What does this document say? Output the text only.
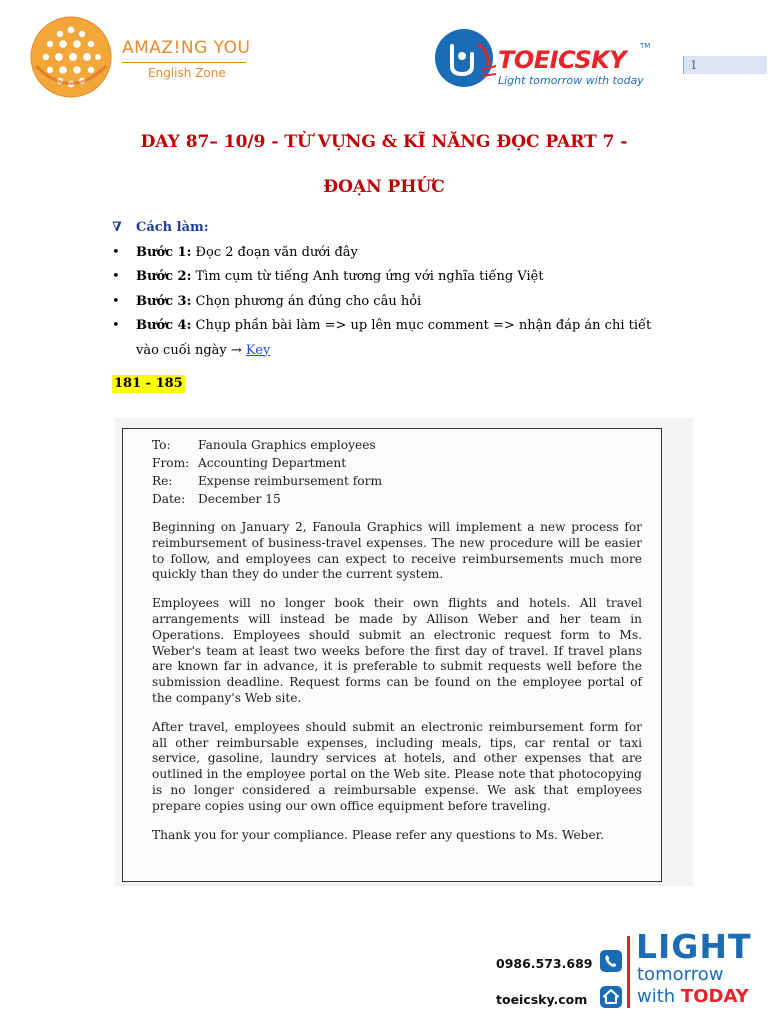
AMAZ!NG YOU
English Zone	TOEICSKY
Light tomorrow with today
TM
1
DAY 87– 10/9 - TỪ VỰNG & KĨ NĂNG ĐỌC PART 7 -
ĐOẠN PHỨC
∇ Cách làm:
• Bước 1: Đọc 2 đoạn văn dưới đây
• Bước 2: Tìm cụm từ tiếng Anh tương ứng với nghĩa tiếng Việt
• Bước 3: Chọn phương án đúng cho câu hỏi
• Bước 4: Chụp phần bài làm => up lên mục comment => nhận đáp án chi tiết
vào cuối ngày → Key
181 - 185
To: Fanoula Graphics employees
From: Accounting Department
Re: Expense reimbursement form
Date: December 15

Beginning on January 2, Fanoula Graphics will implement a new process for reimbursement of business-travel expenses. The new procedure will be easier to follow, and employees can expect to receive reimbursements much more quickly than they do under the current system.

Employees will no longer book their own flights and hotels. All travel arrangements will instead be made by Allison Weber and her team in Operations. Employees should submit an electronic request form to Ms. Weber's team at least two weeks before the first day of travel. If travel plans are known far in advance, it is preferable to submit requests well before the submission deadline. Request forms can be found on the employee portal of the company's Web site.

After travel, employees should submit an electronic reimbursement form for all other reimbursable expenses, including meals, tips, car rental or taxi service, gasoline, laundry services at hotels, and other expenses that are outlined in the employee portal on the Web site. Please note that photocopying is no longer considered a reimbursable expense. We ask that employees prepare copies using our own office equipment before traveling.

Thank you for your compliance. Please refer any questions to Ms. Weber.

0986.573.689
toeicsky.com
LIGHT
tomorrow
with TODAY
